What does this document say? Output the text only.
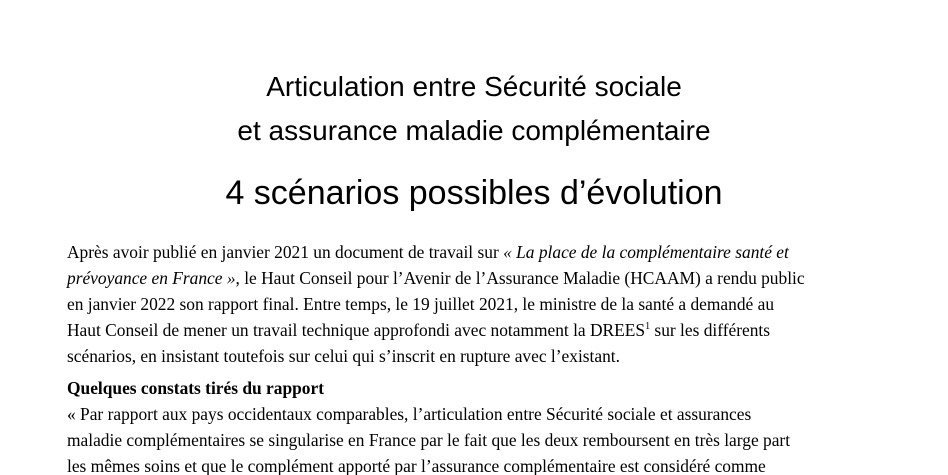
Articulation entre Sécurité sociale
et assurance maladie complémentaire
4 scénarios possibles d’évolution
Après avoir publié en janvier 2021 un document de travail sur « La place de la complémentaire santé et
prévoyance en France », le Haut Conseil pour l’Avenir de l’Assurance Maladie (HCAAM) a rendu public
en janvier 2022 son rapport final. Entre temps, le 19 juillet 2021, le ministre de la santé a demandé au
Haut Conseil de mener un travail technique approfondi avec notamment la DREES$^1$ sur les différents
scénarios, en insistant toutefois sur celui qui s’inscrit en rupture avec l’existant.
Quelques constats tirés du rapport
« Par rapport aux pays occidentaux comparables, l’articulation entre Sécurité sociale et assurances
maladie complémentaires se singularise en France par le fait que les deux remboursent en très large part
les mêmes soins et que le complément apporté par l’assurance complémentaire est considéré comme
